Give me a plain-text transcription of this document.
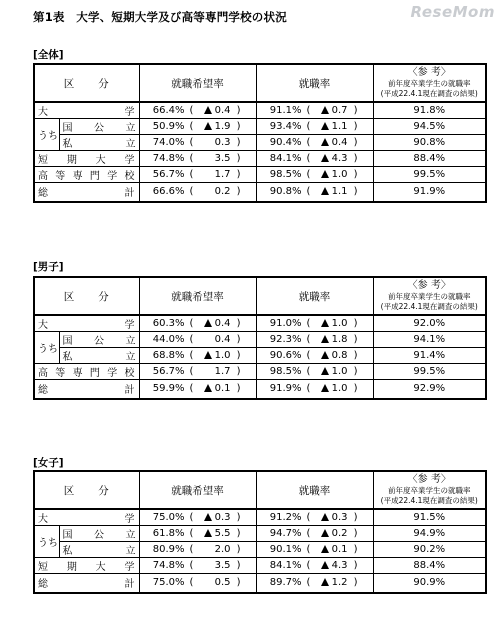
第1表　大学、短期大学及び高等専門学校の状況	ReseMom
[全体]
区　　分		就職希望率	就職率	〈参 考〉
前年度卒業学生の就職率
(平成22.4.1現在調査の結果)

大　　学		66.4% ( 0.4 )	91.1% ( 0.7 )	91.8%
うち	国公立	50.9% ( 1.9 )	93.4% ( 1.1 )	94.5%
	私　立	74.0% ( 0.3 )	90.4% ( 0.4 )	90.8%
短期大学		74.8% ( 3.5 )	84.1% ( 4.3 )	88.4%
高等専門学校		56.7% ( 1.7 )	98.5% ( 1.0 )	99.5%
総　　計		66.6% ( 0.2 )	90.8% ( 1.1 )	91.9%
[男子]
区　　分		就職希望率	就職率	〈参 考〉
前年度卒業学生の就職率
(平成22.4.1現在調査の結果)

大　　学		60.3% ( 0.4 )	91.0% ( 1.0 )	92.0%
うち	国公立	44.0% ( 0.4 )	92.3% ( 1.8 )	94.1%
	私　立	68.8% ( 1.0 )	90.6% ( 0.8 )	91.4%
高等専門学校		56.7% ( 1.7 )	98.5% ( 1.0 )	99.5%
総　　計		59.9% ( 0.1 )	91.9% ( 1.0 )	92.9%
[女子]
区　　分		就職希望率	就職率	〈参 考〉
前年度卒業学生の就職率
(平成22.4.1現在調査の結果)

大　　学		75.0% ( 0.3 )	91.2% ( 0.3 )	91.5%
うち	国公立	61.8% ( 5.5 )	94.7% ( 0.2 )	94.9%
	私　立	80.9% ( 2.0 )	90.1% ( 0.1 )	90.2%
短期大学		74.8% ( 3.5 )	84.1% ( 4.3 )	88.4%
総　　計		75.0% ( 0.5 )	89.7% ( 1.2 )	90.9%
